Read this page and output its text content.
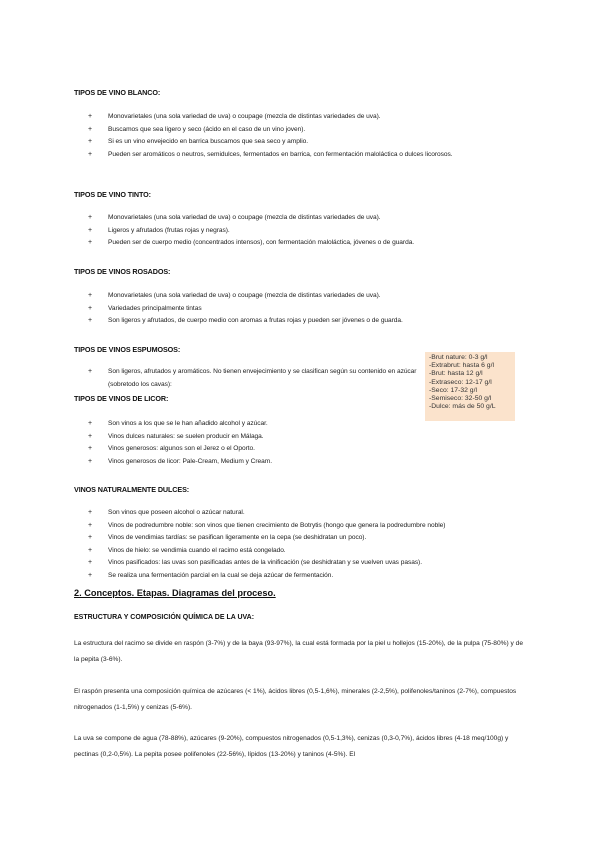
TIPOS DE VINO BLANCO:
+ Monovarietales (una sola variedad de uva) o coupage (mezcla de distintas variedades de uva).
+ Buscamos que sea ligero y seco (ácido en el caso de un vino joven).
+ Si es un vino envejecido en barrica buscamos que sea seco y amplio.
+ Pueden ser aromáticos o neutros, semidulces, fermentados en barrica, con fermentación maloláctica o dulces licorosos.
TIPOS DE VINO TINTO:
+ Monovarietales (una sola variedad de uva) o coupage (mezcla de distintas variedades de uva).
+ Ligeros y afrutados (frutas rojas y negras).
+ Pueden ser de cuerpo medio (concentrados intensos), con fermentación maloláctica, jóvenes o de guarda.
TIPOS DE VINOS ROSADOS:
+ Monovarietales (una sola variedad de uva) o coupage (mezcla de distintas variedades de uva).
+ Variedades principalmente tintas
+ Son ligeros y afrutados, de cuerpo medio con aromas a frutas rojas y pueden ser jóvenes o de guarda.
TIPOS DE VINOS ESPUMOSOS:
+ Son ligeros, afrutados y aromáticos. No tienen envejecimiento y se clasifican según su contenido en azúcar (sobretodo los cavas):
-Brut nature: 0-3 g/l
-Extrabrut: hasta 6 g/l
-Brut: hasta 12 g/l
-Extraseco: 12-17 g/l
-Seco: 17-32 g/l
-Semiseco: 32-50 g/l
-Dulce: más de 50 g/L
TIPOS DE VINOS DE LICOR:
+ Son vinos a los que se le han añadido alcohol y azúcar.
+ Vinos dulces naturales: se suelen producir en Málaga.
+ Vinos generosos: algunos son el Jerez o el Oporto.
+ Vinos generosos de licor: Pale-Cream, Medium y Cream.
VINOS NATURALMENTE DULCES:
+ Son vinos que poseen alcohol o azúcar natural.
+ Vinos de podredumbre noble: son vinos que tienen crecimiento de Botrytis (hongo que genera la podredumbre noble)
+ Vinos de vendimias tardías: se pasifican ligeramente en la cepa (se deshidratan un poco).
+ Vinos de hielo: se vendimia cuando el racimo está congelado.
+ Vinos pasificados: las uvas son pasificadas antes de la vinificación (se deshidratan y se vuelven uvas pasas).
+ Se realiza una fermentación parcial en la cual se deja azúcar de fermentación.
2. Conceptos. Etapas. Diagramas del proceso.
ESTRUCTURA Y COMPOSICIÓN QUÍMICA DE LA UVA:

La estructura del racimo se divide en raspón (3-7%) y de la baya (93-97%), la cual está formada por la piel u hollejos (15-20%), de la pulpa (75-80%) y de la pepita (3-6%).

El raspón presenta una composición química de azúcares (< 1%), ácidos libres (0,5-1,6%), minerales (2-2,5%), polifenoles/taninos (2-7%), compuestos nitrogenados (1-1,5%) y cenizas (5-6%).

La uva se compone de agua (78-88%), azúcares (9-20%), compuestos nitrogenados (0,5-1,3%), cenizas (0,3-0,7%), ácidos libres (4-18 meq/100g) y pectinas (0,2-0,5%). La pepita posee polifenoles (22-56%), lípidos (13-20%) y taninos (4-5%). El
